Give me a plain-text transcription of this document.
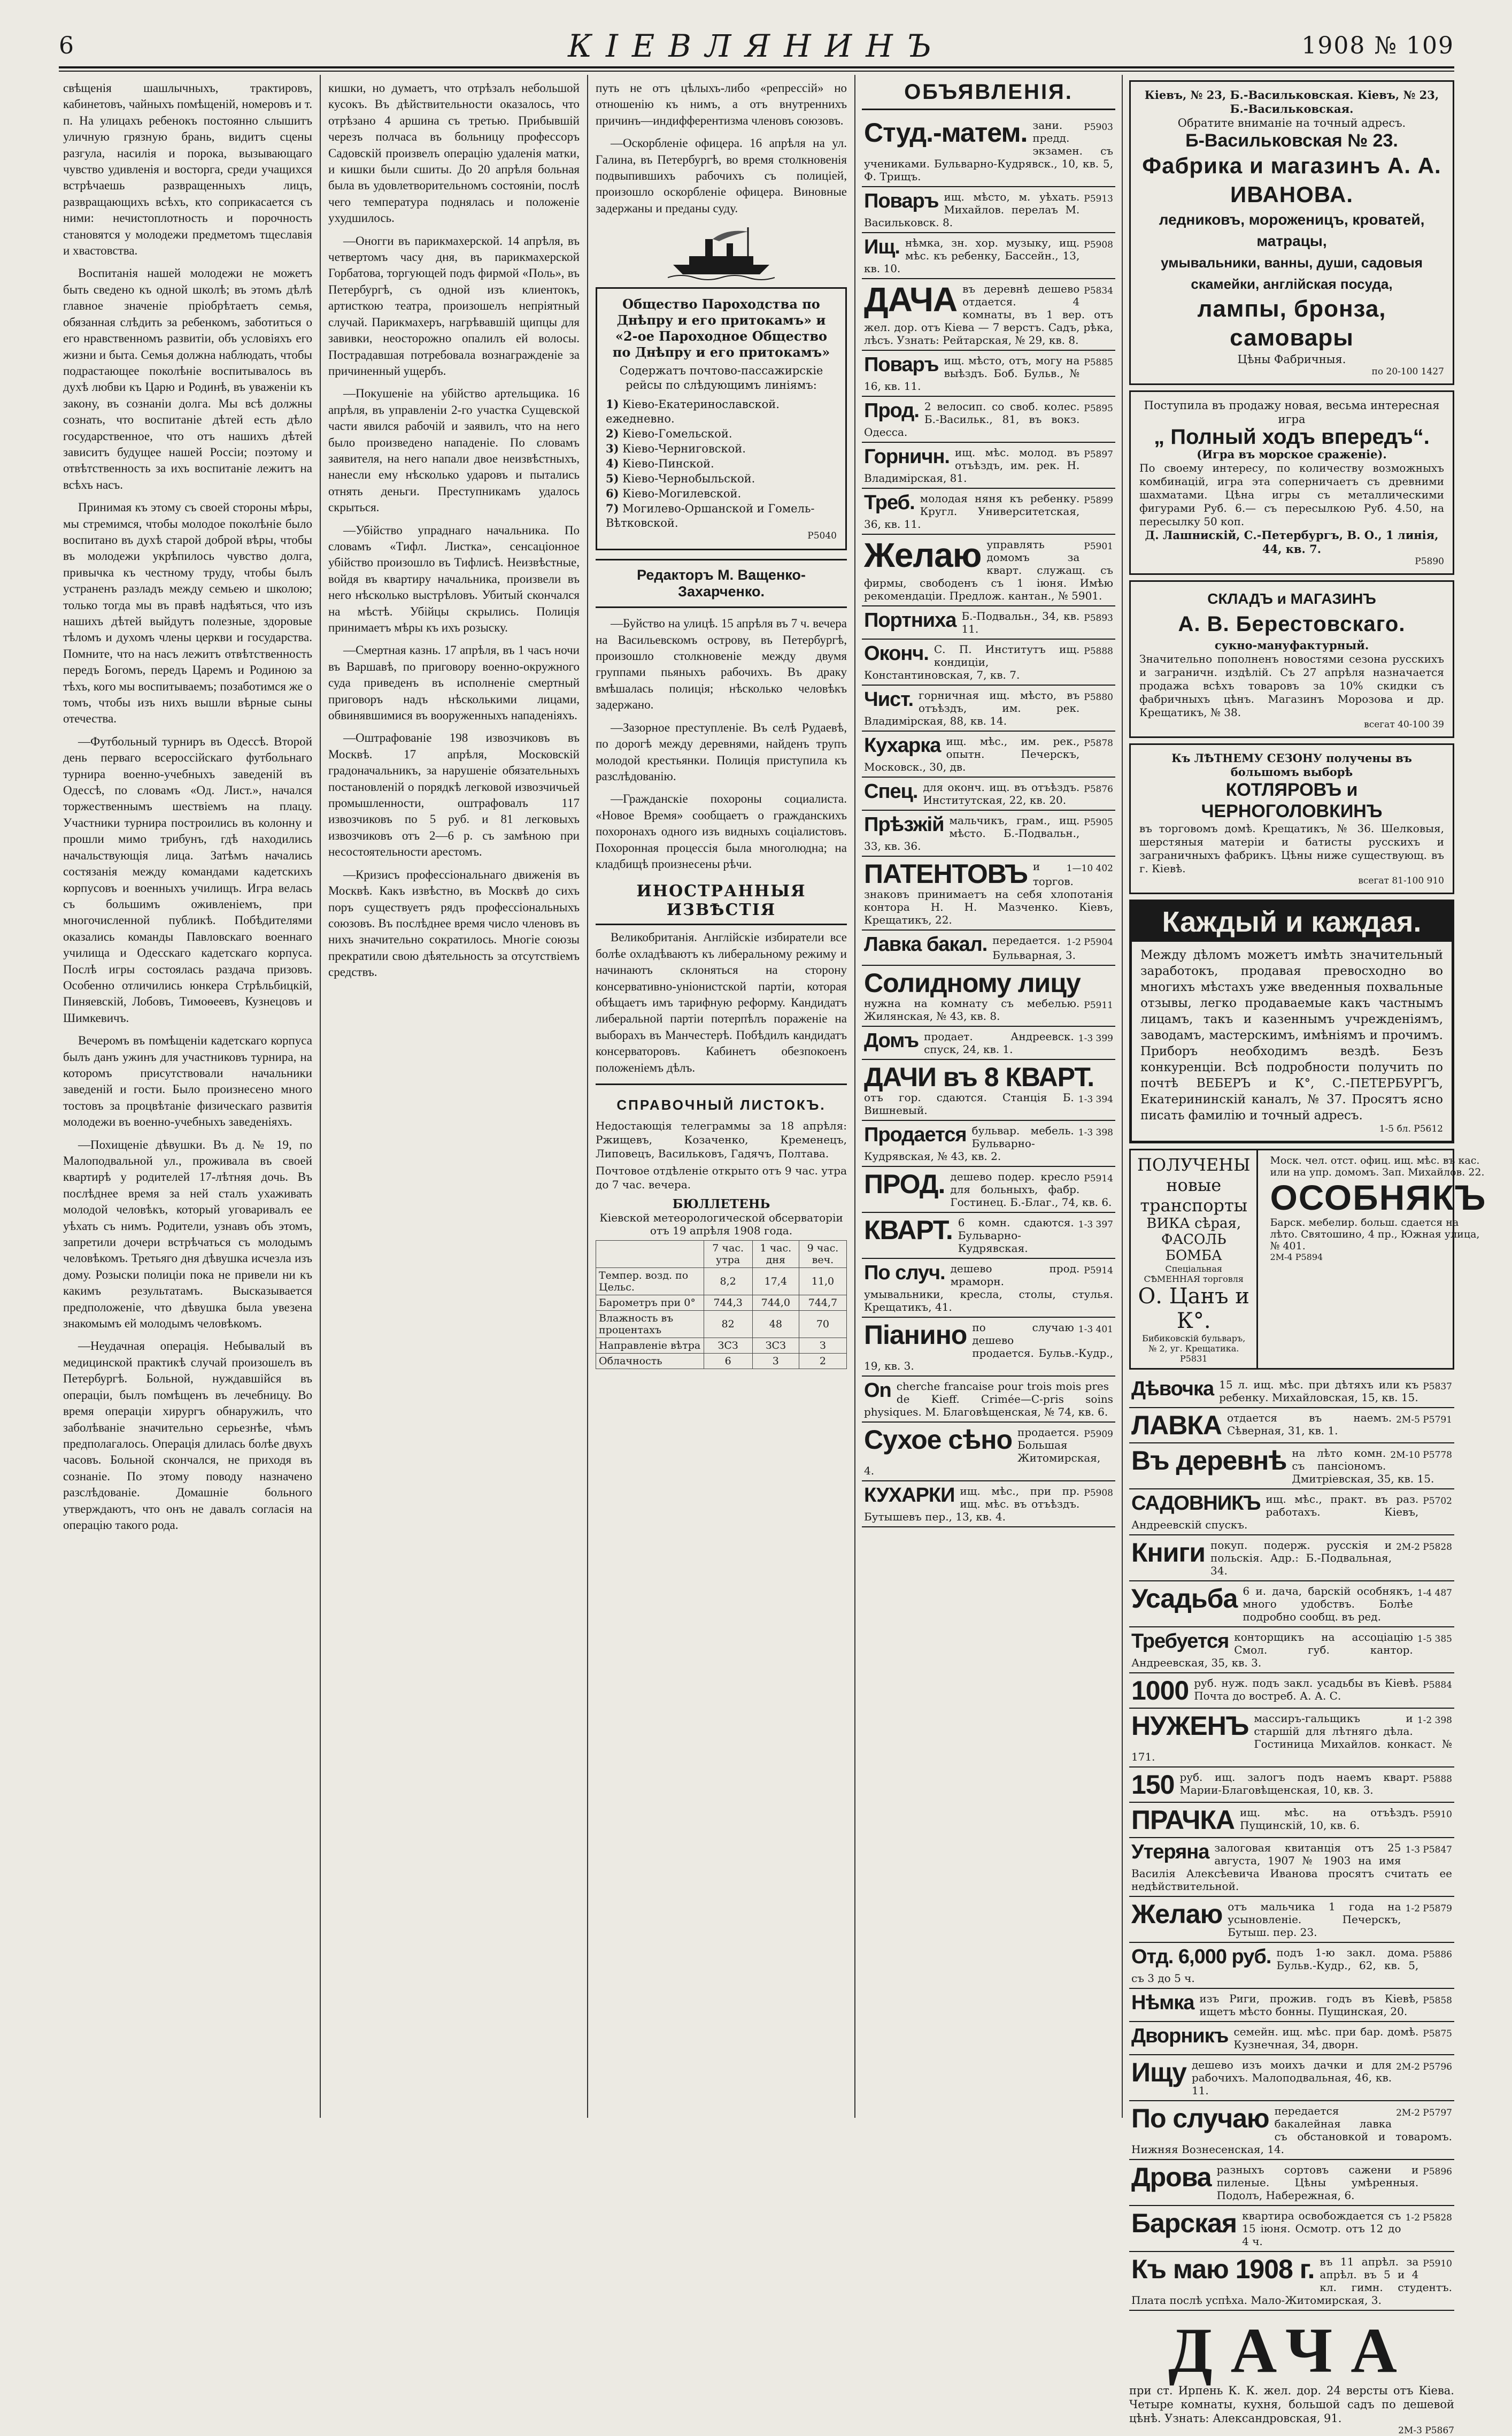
6	КІЕВЛЯНИНЪ	1908 № 109

свѣщенія шашлычныхъ, трактировъ, кабинетовъ, чайныхъ помѣщеній, номеровъ и т. п. На улицахъ ребенокъ постоянно слышитъ уличную грязную брань, видитъ сцены разгула, насилія и порока, вызывающаго чувство удивленія и восторга, среди учащихся встрѣчаешь развращенныхъ лицъ, развращающихъ всѣхъ, кто соприкасается съ ними: нечистоплотность и порочность становятся у молодежи предметомъ тщеславія и хвастовства.

Воспитанія нашей молодежи не можетъ быть сведено къ одной школѣ; въ этомъ дѣлѣ главное значеніе пріобрѣтаетъ семья, обязанная слѣдить за ребенкомъ, заботиться о его нравственномъ развитіи, объ условіяхъ его жизни и быта. Семья должна наблюдать, чтобы подрастающее поколѣніе воспитывалось въ духѣ любви къ Царю и Родинѣ, въ уваженіи къ закону, въ сознаніи долга. Мы всѣ должны сознать, что воспитаніе дѣтей есть дѣло государственное, что отъ нашихъ дѣтей зависитъ будущее нашей Россіи; поэтому и отвѣтственность за ихъ воспитаніе лежитъ на всѣхъ насъ.

Принимая къ этому съ своей стороны мѣры, мы стремимся, чтобы молодое поколѣніе было воспитано въ духѣ старой доброй вѣры, чтобы въ молодежи укрѣпилось чувство долга, привычка къ честному труду, чтобы былъ устраненъ разладъ между семьею и школою; только тогда мы въ правѣ надѣяться, что изъ нашихъ дѣтей выйдутъ полезные, здоровые тѣломъ и духомъ члены церкви и государства. Помните, что на насъ лежитъ отвѣтственность передъ Богомъ, передъ Царемъ и Родиною за тѣхъ, кого мы воспитываемъ; позаботимся же о томъ, чтобы изъ нихъ вышли вѣрные сыны отечества.

—Футбольный турниръ въ Одессѣ. Второй день перваго всероссійскаго футбольнаго турнира военно-учебныхъ заведеній въ Одессѣ, по словамъ «Од. Лист.», начался торжественнымъ шествіемъ на плацу. Участники турнира построились въ колонну и прошли мимо трибунъ, гдѣ находились начальствующія лица. Затѣмъ начались состязанія между командами кадетскихъ корпусовъ и военныхъ училищъ. Игра велась съ большимъ оживленіемъ, при многочисленной публикѣ. Побѣдителями оказались команды Павловскаго военнаго училища и Одесскаго кадетскаго корпуса. Послѣ игры состоялась раздача призовъ. Особенно отличились юнкера Стрѣльбицкій, Пиняевскій, Лобовъ, Тимоѳеевъ, Кузнецовъ и Шимкевичъ.

Вечеромъ въ помѣщеніи кадетскаго корпуса былъ данъ ужинъ для участниковъ турнира, на которомъ присутствовали начальники заведеній и гости. Было произнесено много тостовъ за процвѣтаніе физическаго развитія молодежи въ военно-учебныхъ заведеніяхъ.

—Похищеніе дѣвушки. Въ д. № 19, по Малоподвальной ул., проживала въ своей квартирѣ у родителей 17-лѣтняя дочь. Въ послѣднее время за ней сталъ ухаживать молодой человѣкъ, который уговаривалъ ее уѣхать съ нимъ. Родители, узнавъ объ этомъ, запретили дочери встрѣчаться съ молодымъ человѣкомъ. Третьяго дня дѣвушка исчезла изъ дому. Розыски полиціи пока не привели ни къ какимъ результатамъ. Высказывается предположеніе, что дѣвушка была увезена знакомымъ ей молодымъ человѣкомъ.

—Неудачная операція. Небывалый въ медицинской практикѣ случай произошелъ въ Петербургѣ. Больной, нуждавшійся въ операціи, былъ помѣщенъ въ лечебницу. Во время операціи хирургъ обнаружилъ, что заболѣваніе значительно серьезнѣе, чѣмъ предполагалось. Операція длилась болѣе двухъ часовъ. Больной скончался, не приходя въ сознаніе. По этому поводу назначено разслѣдованіе. Домашніе больного утверждаютъ, что онъ не давалъ согласія на операцію такого рода.

кишки, но думаетъ, что отрѣзалъ небольшой кусокъ. Въ дѣйствительности оказалось, что отрѣзано 4 аршина съ третью. Прибывшій черезъ полчаса въ больницу профессоръ Садовскій произвелъ операцію удаленія матки, и кишки были сшиты. До 20 апрѣля больная была въ удовлетворительномъ состояніи, послѣ чего температура поднялась и положеніе ухудшилось.

—Оногги въ парикмахерской. 14 апрѣля, въ четвертомъ часу дня, въ парикмахерской Горбатова, торгующей подъ фирмой «Поль», въ Петербургѣ, съ одной изъ клиентокъ, артисткою театра, произошелъ непріятный случай. Парикмахеръ, нагрѣвавшій щипцы для завивки, неосторожно опалилъ ей волосы. Пострадавшая потребовала вознагражденіе за причиненный ущербъ.

—Покушеніе на убійство артельщика. 16 апрѣля, въ управленіи 2-го участка Сущевской части явился рабочій и заявилъ, что на него было произведено нападеніе. По словамъ заявителя, на него напали двое неизвѣстныхъ, нанесли ему нѣсколько ударовъ и пытались отнять деньги. Преступникамъ удалось скрыться.

—Убійство упраднаго начальника. По словамъ «Тифл. Листка», сенсацiонное убійство произошло въ Тифлисѣ. Неизвѣстные, войдя въ квартиру начальника, произвели въ него нѣсколько выстрѣловъ. Убитый скончался на мѣстѣ. Убійцы скрылись. Полиція принимаетъ мѣры къ ихъ розыску.

—Смертная казнь. 17 апрѣля, въ 1 часъ ночи въ Варшавѣ, по приговору военно-окружного суда приведенъ въ исполненіе смертный приговоръ надъ нѣсколькими лицами, обвинявшимися въ вооруженныхъ нападеніяхъ.

—Оштрафованіе 198 извозчиковъ въ Москвѣ. 17 апрѣля, Московскій градоначальникъ, за нарушеніе обязательныхъ постановленій о порядкѣ легковой извозчичьей промышленности, оштрафовалъ 117 извозчиковъ по 5 руб. и 81 легковыхъ извозчиковъ отъ 2—6 р. съ замѣною при несостоятельности арестомъ.

—Кризисъ профессіональнаго движенія въ Москвѣ. Какъ извѣстно, въ Москвѣ до сихъ поръ существуетъ рядъ профессіональныхъ союзовъ. Въ послѣднее время число членовъ въ нихъ значительно сократилось. Многіе союзы прекратили свою дѣятельность за отсутствіемъ средствъ.

путь не отъ цѣлыхъ-либо «репрессій» но отношенію къ нимъ, а отъ внутреннихъ причинъ—индифферентизма членовъ союзовъ.

—Оскорбленіе офицера. 16 апрѣля на ул. Галина, въ Петербургѣ, во время столкновенія подвыпившихъ рабочихъ съ полиціей, произошло оскорбленіе офицера. Виновные задержаны и преданы суду.

Общество Пароходства по Днѣпру и его притокамъ» и «2-ое Пароходное Общество по Днѣпру и его притокамъ»
Содержатъ почтово-пассажирскіе рейсы по слѣдующимъ линіямъ:
1) Кіево-Екатеринославской. ежедневно.
2) Кіево-Гомельской.
3) Кіево-Черниговской.
4) Кіево-Пинской.
5) Кіево-Чернобыльской.
6) Кіево-Могилевской.
7) Могилево-Оршанской и Гомель-Вѣтковской.
Р5040
Редакторъ М. Ващенко-Захарченко.

—Буйство на улицѣ. 15 апрѣля въ 7 ч. вечера на Васильевскомъ острову, въ Петербургѣ, произошло столкновеніе между двумя группами пьяныхъ рабочихъ. Въ драку вмѣшалась полиція; нѣсколько человѣкъ задержано.

—Зазорное преступленіе. Въ селѣ Рудаевѣ, по дорогѣ между деревнями, найденъ трупъ молодой крестьянки. Полиція приступила къ разслѣдованію.

—Гражданскіе похороны социалиста. «Новое Время» сообщаетъ о гражданскихъ похоронахъ одного изъ видныхъ соціалистовъ. Похоронная процессія была многолюдна; на кладбищѣ произнесены рѣчи.

ИНОСТРАННЫЯ ИЗВѢСТІЯ

Великобританія. Англійскіе избиратели все болѣе охладѣваютъ къ либеральному режиму и начинаютъ склоняться на сторону консервативно-уніонистской партіи, которая обѣщаетъ имъ тарифную реформу. Кандидатъ либеральной партіи потерпѣлъ пораженіе на выборахъ въ Манчестерѣ. Побѣдилъ кандидатъ консерваторовъ. Кабинетъ обезпокоенъ положеніемъ дѣлъ.

СПРАВОЧНЫЙ ЛИСТОКЪ.
Недостающія телеграммы за 18 апрѣля: Ржищевъ, Козаченко, Кременецъ, Липовецъ, Васильковъ, Гадячъ, Полтава.
Почтовое отдѣленіе открыто отъ 9 час. утра до 7 час. вечера.
БЮЛЛЕТЕНЬ
Кіевской метеорологической обсерваторіи отъ 19 апрѣля 1908 года.
	7 час. утра	1 час. дня	9 час. веч.
Темпер. возд. по Цельс.	8,2	17,4	11,0
Барометръ при 0°	744,3	744,0	744,7
Влажность въ процентахъ	82	48	70
Направленіе вѣтра	ЗСЗ	ЗСЗ	З
Облачность	6	3	2
ОБЪЯВЛЕНІЯ.
Студ.-матем.	Р5903
зани. предд. экзамен. съ учениками. Бульварно-Кудрявск., 10, кв. 5, Ф. Трищъ.
Поваръ	Р5913
ищ. мѣсто, м. уѣхать. Михайлов. перелаъ М. Васильковск. 8.
Ищ.	Р5908
нѣмка, зн. хор. музыку, ищ. мѣс. къ ребенку, Бассейн., 13, кв. 10.
ДАЧА	Р5834
въ деревнѣ дешево отдается. 4 комнаты, въ 1 вер. отъ жел. дор. отъ Кіева — 7 верстъ. Садъ, рѣка, лѣсъ. Узнать: Рейтарская, № 29, кв. 8.
Поваръ	Р5885
ищ. мѣсто, отъ, могу на выѣздъ. Боб. Бульв., № 16, кв. 11.
Прод.	Р5895
2 велосип. со своб. колес. Б.-Васильк., 81, въ вокз. Одесса.
Горничн.	Р5897
ищ. мѣс. молод. въ отъѣздъ, им. рек. Н. Владимірская, 81.
Треб.	Р5899
молодая няня къ ребенку. Кругл. Университетская, 36, кв. 11.
Желаю	Р5901
управлять домомъ за кварт. служащ. съ фирмы, свободенъ съ 1 іюня. Имѣю рекомендаціи. Предлож. кантан., № 5901.
Портниха	Р5893
Б.-Подвальн., 34, кв. 11.
Оконч.	Р5888
С. П. Институтъ ищ. кондиціи, Константиновская, 7, кв. 7.
Чист.	Р5880
горничная ищ. мѣсто, въ отъѣздъ, им. рек. Владимірская, 88, кв. 14.
Кухарка	Р5878
ищ. мѣс., им. рек., опытн. Печерскъ, Московск., 30, дв.
Спец.	Р5876
для оконч. ищ. въ отъѣздъ. Институтская, 22, кв. 20.
Прѣзжій	Р5905
мальчикъ, грам., ищ. мѣсто. Б.-Подвальн., 33, кв. 36.
ПАТЕНТОВЪ	1—10 402
и торгов. знаковъ принимаетъ на себя хлопотанія контора Н. Н. Мазченко. Кіевъ, Крещатикъ, 22.
Лавка бакал.	1-2 Р5904
передается. Бульварная, 3.
Солидному лицу
Р5911
нужна на комнату съ мебелью. Жилянская, № 43, кв. 8.
Домъ	1-3 399
продает. Андреевск. спуск, 24, кв. 1.
ДАЧИ въ 8 КВАРТ.
1-3 394
отъ гор. сдаются. Станція Б. Вишневый.
Продается	1-3 398
бульвар. мебель. Бульварно-Кудрявская, № 43, кв. 2.
ПРОД.	Р5914
дешево подер. кресло для больныхъ, фабр. Гостинец. Б.-Благ., 74, кв. 6.
КВАРТ.	1-3 397
6 комн. сдаются. Бульварно-Кудрявская.
По случ.	Р5914
дешево прод. мраморн. умывальники, кресла, столы, стулья. Крещатикъ, 41.
Піанино	1-3 401
по случаю дешево продается. Бульв.-Кудр., 19, кв. 3.
On cherche francaise pour trois mois pres de Kieff. Crimée—С-pris soins physiques. М. Благовѣщенская, № 74, кв. 6.
Сухое сѣно	Р5909
продается. Большая Житомирская, 4.
КУХАРКИ	Р5908
ищ. мѣс., при пр. ищ. мѣс. въ отъѣздъ. Бутышевъ пер., 13, кв. 4.
Кіевъ, № 23, Б.-Васильковская. Кіевъ, № 23, Б.-Васильковская.
Обратите вниманіе на точный адресъ.
Б-Васильковская № 23.
Фабрика и магазинъ А. А. ИВАНОВА.
ледниковъ, мороженицъ, кроватей, матрацы,
умывальники, ванны, души, садовыя скамейки, англійская посуда,
лампы, бронза, самовары
Цѣны Фабричныя.
по 20-100 1427
Поступила въ продажу новая, весьма интересная игра
„ Полный ходъ впередъ“.
(Игра въ морское сраженіе).
По своему интересу, по количеству возможныхъ комбинацій, игра эта соперничаетъ съ древними шахматами. Цѣна игры съ металлическими фигурами Руб. 6.— съ пересылкою Руб. 4.50, на пересылку 50 коп.
Д. Лашнискій, С.-Петербургъ, В. О., 1 линія, 44, кв. 7.
Р5890
СКЛАДЪ и МАГАЗИНЪ
А. В. Берестовскаго.
сукно-мануфактурный.
Значительно пополненъ новостями сезона русскихъ и заграничн. издѣлій. Съ 27 апрѣля назначается продажа всѣхъ товаровъ за 10% скидки съ фабричныхъ цѣнъ. Магазинъ Морозова и др. Крещатикъ, № 38.
всегат 40-100 39
Къ ЛѢТНЕМУ СЕЗОНУ получены въ большомъ выборѣ
КОТЛЯРОВЪ и ЧЕРНОГОЛОВКИНЪ
въ торговомъ домѣ. Крещатикъ, № 36. Шелковыя, шерстяныя матеріи и батисты русскихъ и заграничныхъ фабрикъ. Цѣны ниже существующ. въ г. Кіевѣ.
всегат 81-100 910
Каждый и каждая.
Между дѣломъ можетъ имѣть значительный заработокъ, продавая превосходно во многихъ мѣстахъ уже введенныя похвальные отзывы, легко продаваемые какъ частнымъ лицамъ, такъ и казеннымъ учрежденіямъ, заводамъ, мастерскимъ, имѣніямъ и прочимъ. Приборъ необходимъ вездѣ. Безъ конкуренціи. Всѣ подробности получить по почтѣ ВЕБЕРЪ и К°, С.-ПЕТЕРБУРГЪ, Екатерининскій каналъ, № 37. Просятъ ясно писать фамилію и точный адресъ.
1-5 бл. Р5612
ПОЛУЧЕНЫ новые транспорты
ВИКА сѣрая, ФАСОЛЬ БОМБА
Спеціальная СѢМЕННАЯ торговля
О. Цанъ и К°.
Бибиковскій бульваръ, № 2, уг. Крещатика.
Р5831
Моск. чел. отст. офиц. ищ. мѣс. въ кас. или на упр. домомъ. Зап. Михайлов. 22.
ОСОБНЯКЪ
Барск. мебелир. больш. сдается на лѣто. Святошино, 4 пр., Южная улица, № 401.
2М-4 Р5894
Дѣвочка	Р5837
15 л. ищ. мѣс. при дѣтяхъ или къ ребенку. Михайловская, 15, кв. 15.
ЛАВКА	2М-5 Р5791
отдается въ наемъ. Сѣверная, 31, кв. 1.
Въ деревнѣ	2М-10 Р5778
на лѣто комн. съ пансіономъ. Дмитріевская, 35, кв. 15.
САДОВНИКЪ	Р5702
ищ. мѣс., практ. въ раз. работахъ. Кіевъ, Андреевскій спускъ.
Книги	2М-2 Р5828
покуп. подерж. русскія и польскія. Адр.: Б.-Подвальная, 34.
Усадьба	1-4 487
6 и. дача, барскій особнякъ, много удобствъ. Болѣе подробно сообщ. въ ред.
Требуется	1-5 385
конторщикъ на ассоціацію Смол. губ. кантор. Андреевская, 35, кв. 3.
1000	Р5884
руб. нуж. подъ закл. усадьбы въ Кіевѣ. Почта до востреб. А. А. С.
НУЖЕНЪ	1-2 398
массиръ-гальщикъ и старшій для лѣтняго дѣла. Гостиница Михайлов. конкаст. № 171.
150	Р5888
руб. ищ. залогъ подъ наемъ кварт. Марии-Благовѣщенская, 10, кв. 3.
ПРАЧКА	Р5910
ищ. мѣс. на отъѣздъ. Пущинскій, 10, кв. 6.
Утеряна	1-3 Р5847
залоговая квитанція отъ 25 августа, 1907 № 1903 на имя Василія Алексѣевича Иванова просятъ считать ее недѣйствительной.
Желаю	1-2 Р5879
отъ мальчика 1 года на усыновленіе. Печерскъ, Бутыш. пер. 23.
Отд. 6,000 руб.	Р5886
подъ 1-ю закл. дома. Бульв.-Кудр., 62, кв. 5, съ 3 до 5 ч.
Нѣмка	Р5858
изъ Риги, прожив. годъ въ Кіевѣ, ищетъ мѣсто бонны. Пущинская, 20.
Дворникъ	Р5875
семейн. ищ. мѣс. при бар. домѣ. Кузнечная, 34, дворн.
Ищу	2М-2 Р5796
дешево изъ моихъ дачки и для рабочихъ. Малоподвальная, 46, кв. 11.
По случаю	2М-2 Р5797
передается бакалейная лавка съ обстановкой и товаромъ. Нижняя Вознесенская, 14.
Дрова	Р5896
разныхъ сортовъ сажени и пиленые. Цѣны умѣренныя. Подолъ, Набережная, 6.
Барская	1-2 Р5828
квартира освобождается съ 15 іюня. Осмотр. отъ 12 до 4 ч.
Къ маю 1908 г.	Р5910
въ 11 апрѣл. за апрѣл. въ 5 и 4 кл. гимн. студентъ. Плата послѣ успѣха. Мало-Житомирская, 3.
ДАЧА
при ст. Ирпень К. К. жел. дор. 24 версты отъ Кіева. Четыре комнаты, кухня, большой садъ по дешевой цѣнѣ. Узнать: Александровская, 91.
2М-3 Р5867
